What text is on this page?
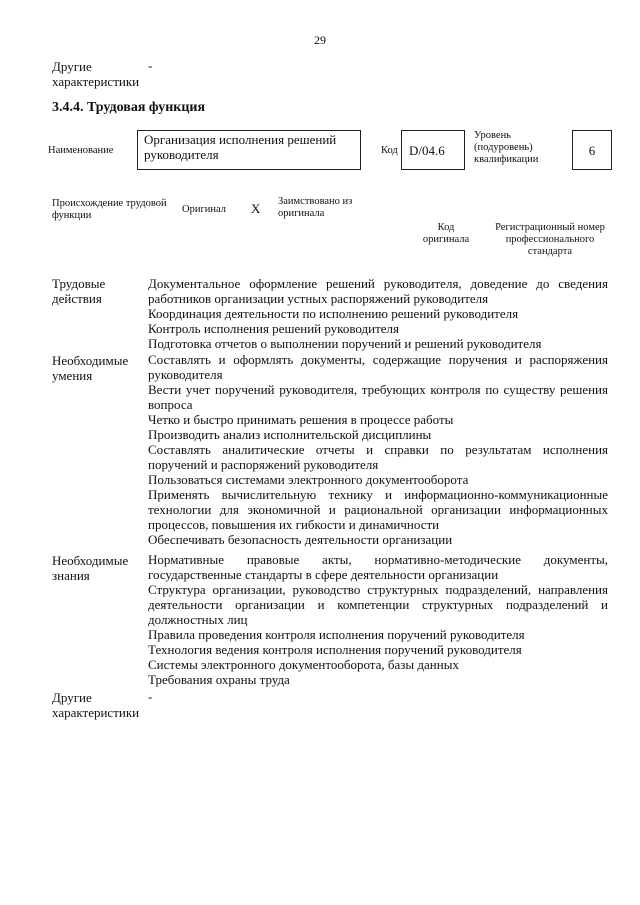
29
Другие характеристики
-
3.4.4. Трудовая функция
Наименование
Организация исполнения решений руководителя	Код D/04.6
Уровень (подуровень) квалификации
6
Происхождение трудовой функции
Оригинал X Заимствовано из оригинала
Код оригинала
Регистрационный номер профессионального стандарта
Трудовые действия
Документальное оформление решений руководителя, доведение до сведения работников организации устных распоряжений руководителя
Координация деятельности по исполнению решений руководителя
Контроль исполнения решений руководителя
Подготовка отчетов о выполнении поручений и решений руководителя
Необходимые умения
Составлять и оформлять документы, содержащие поручения и распоряжения руководителя
Вести учет поручений руководителя, требующих контроля по существу решения вопроса
Четко и быстро принимать решения в процессе работы
Производить анализ исполнительской дисциплины
Составлять аналитические отчеты и справки по результатам исполнения поручений и распоряжений руководителя
Пользоваться системами электронного документооборота
Применять вычислительную технику и информационно-коммуникационные технологии для экономичной и рациональной организации информационных процессов, повышения их гибкости и динамичности
Обеспечивать безопасность деятельности организации
Необходимые знания
Нормативные правовые акты, нормативно-методические документы, государственные стандарты в сфере деятельности организации
Структура организации, руководство структурных подразделений, направления деятельности организации и компетенции структурных подразделений и должностных лиц
Правила проведения контроля исполнения поручений руководителя
Технология ведения контроля исполнения поручений руководителя
Системы электронного документооборота, базы данных
Требования охраны труда
Другие характеристики
-
